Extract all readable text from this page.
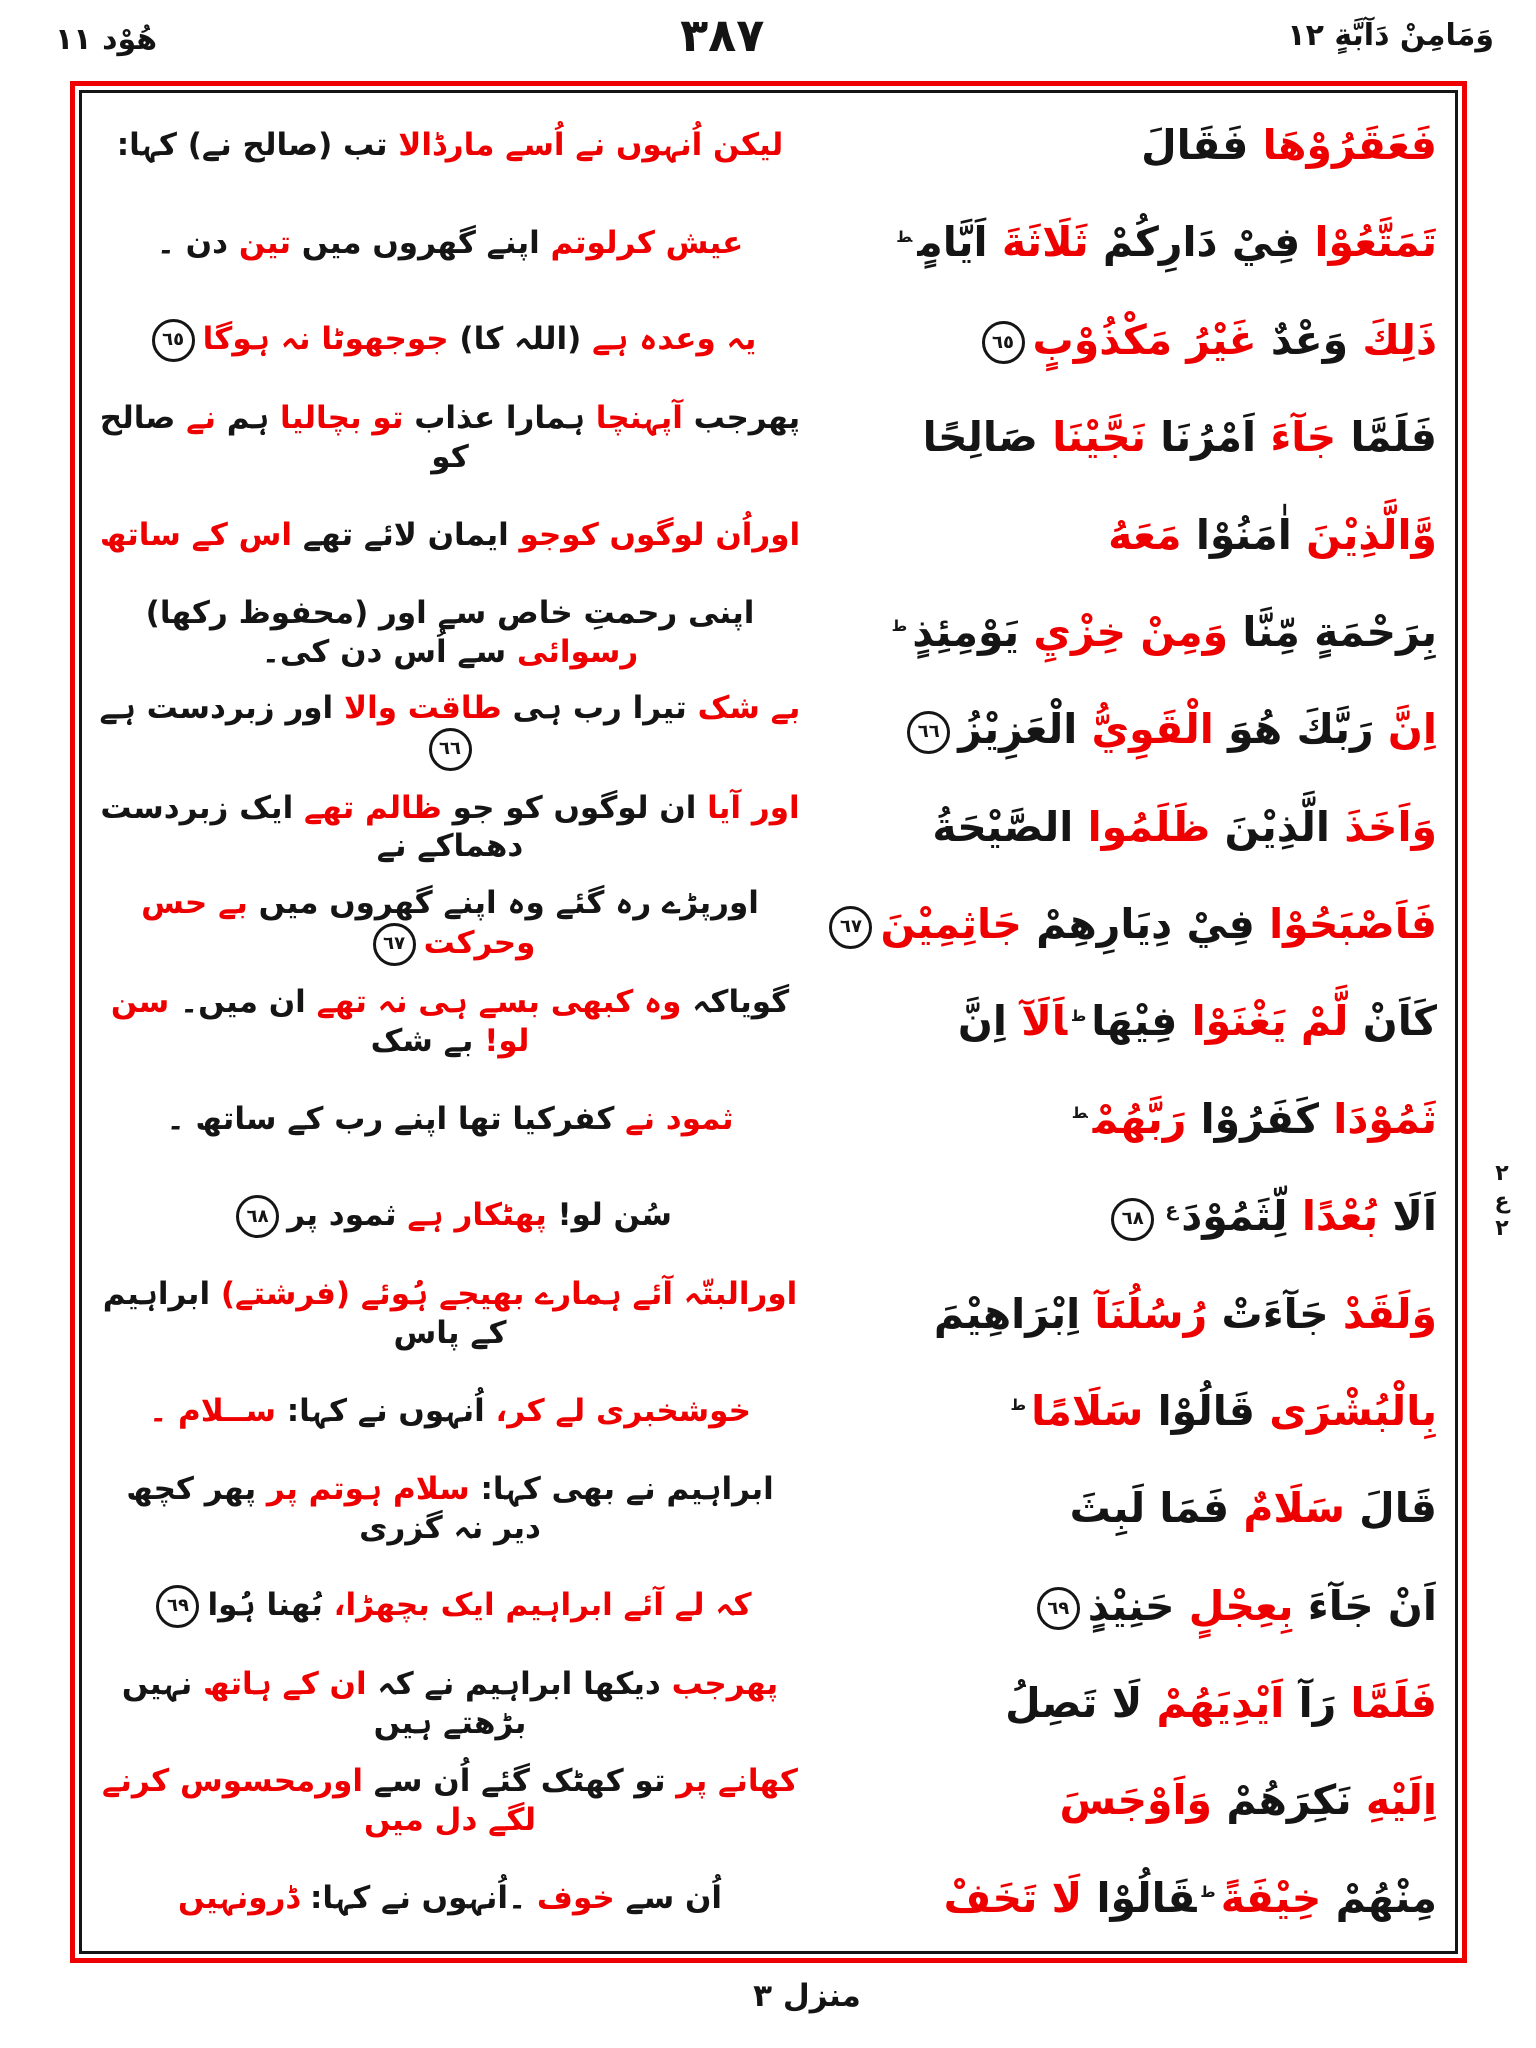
هُوْد ۱۱	۳۸۷	وَمَامِنْ دَآبَّةٍ ۱۲
لیکن اُنہوں نے اُسے مارڈالا تب (صالح نے) کہا:	فَعَقَرُوْهَا فَقَالَ
عیش کرلوتم اپنے گھروں میں تین دن ۔	تَمَتَّعُوْا فِيْ دَارِكُمْ ثَلَاثَةَ اَيَّامٍ$^ط$
یہ وعدہ ہے (اللہ کا) جوجھوٹا نہ ہوگا٦٥	ذَلِكَ وَعْدٌ غَيْرُ مَكْذُوْبٍ٦٥
پھرجب آپہنچا ہمارا عذاب تو بچالیا ہم نے صالح کو	فَلَمَّا جَآءَ اَمْرُنَا نَجَّيْنَا صَالِحًا
اوراُن لوگوں کوجو ایمان لائے تھے اس کے ساتھ	وَّالَّذِيْنَ اٰمَنُوْا مَعَهُ
اپنی رحمتِ خاص سے اور (محفوظ رکھا) رسوائی سے اُس دن کی۔	بِرَحْمَةٍ مِّنَّا وَمِنْ خِزْيِ يَوْمِئِذٍ$^ط$
بے شک تیرا رب ہی طاقت والا اور زبردست ہے٦٦	اِنَّ رَبَّكَ هُوَ الْقَوِيُّ الْعَزِيْزُ٦٦
اور آیا ان لوگوں کو جو ظالم تھے ایک زبردست دھماکے نے	وَاَخَذَ الَّذِيْنَ ظَلَمُوا الصَّيْحَةُ
اورپڑے رہ گئے وہ اپنے گھروں میں بے حس وحرکت٦٧	فَاَصْبَحُوْا فِيْ دِيَارِهِمْ جَاثِمِيْنَ٦٧
گویاکہ وہ کبھی بسے ہی نہ تھے ان میں۔ سن لو! بے شک	كَاَنْ لَّمْ يَغْنَوْا فِيْهَا$^ط$اَلَآ اِنَّ
ثمود نے کفرکیا تھا اپنے رب کے ساتھ ۔	ثَمُوْدَا كَفَرُوْا رَبَّهُمْ$^ط$
سُن لو! پھٹکار ہے ثمود پر٦٨	اَلَا بُعْدًا لِّثَمُوْدَ$^ع$٦٨
اورالبتّہ آئے ہمارے بھیجے ہُوئے (فرشتے) ابراہیم کے پاس	وَلَقَدْ جَآءَتْ رُسُلُنَآ اِبْرَاهِيْمَ
خوشخبری لے کر، اُنہوں نے کہا: ســلام ۔	بِالْبُشْرَى قَالُوْا سَلَامًا$^ط$
ابراہیم نے بھی کہا: سلام ہوتم پر پھر کچھ دیر نہ گزری	قَالَ سَلَامٌ فَمَا لَبِثَ
کہ لے آئے ابراہیم ایک بچھڑا، بُھنا ہُوا٦٩	اَنْ جَآءَ بِعِجْلٍ حَنِيْذٍ٦٩
پھرجب دیکھا ابراہیم نے کہ ان کے ہاتھ نہیں بڑھتے ہیں	فَلَمَّا رَآ اَيْدِيَهُمْ لَا تَصِلُ
کھانے پر تو کھٹک گئے اُن سے اورمحسوس کرنے لگے دل میں	اِلَيْهِ نَكِرَهُمْ وَاَوْجَسَ
اُن سے خوف ۔اُنہوں نے کہا: ڈرونہیں	مِنْهُمْ خِيْفَةً$^ط$قَالُوْا لَا تَخَفْ
۲
ع
۲
منزل ۳
